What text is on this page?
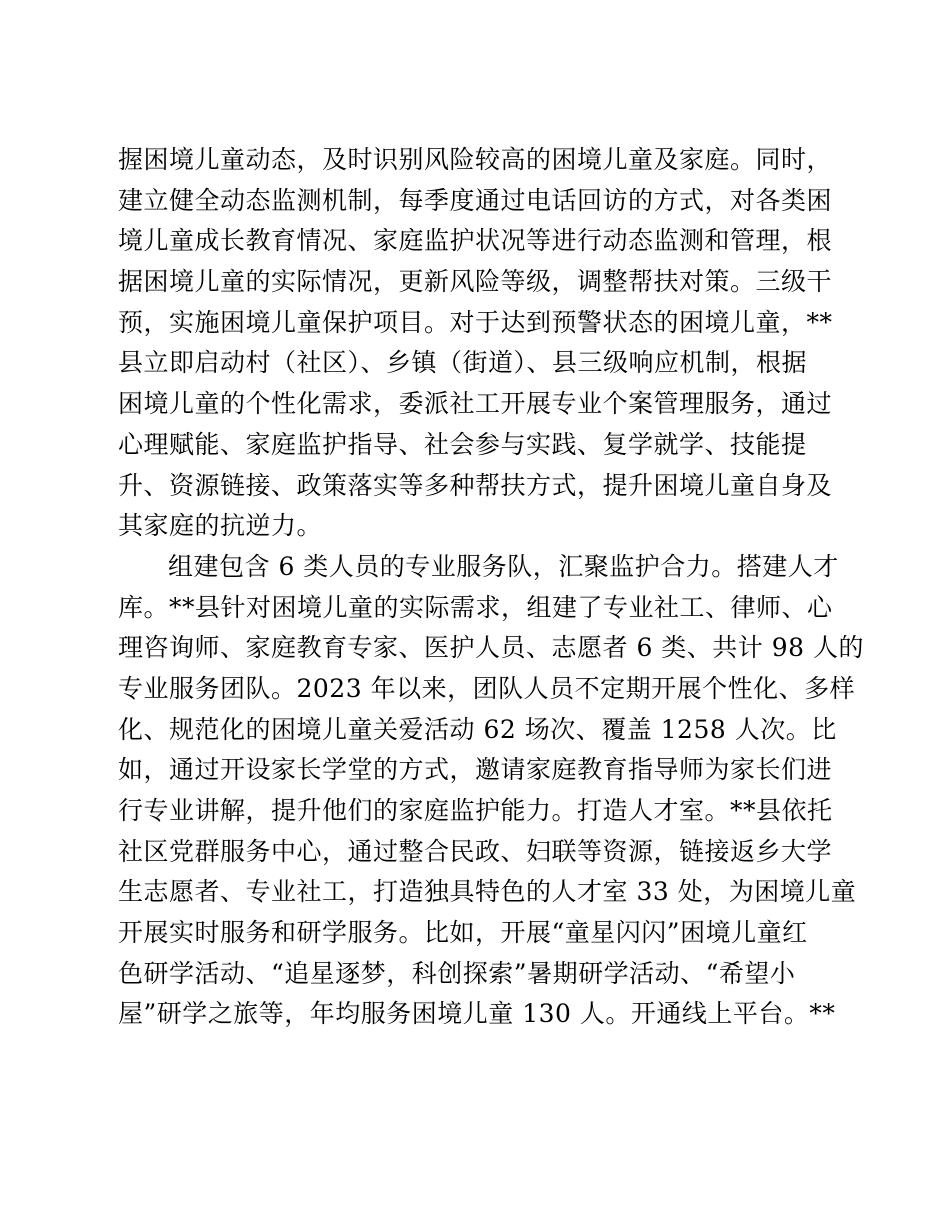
握困境儿童动态，及时识别风险较高的困境儿童及家庭。同时，
建立健全动态监测机制，每季度通过电话回访的方式，对各类困
境儿童成长教育情况、家庭监护状况等进行动态监测和管理，根
据困境儿童的实际情况，更新风险等级，调整帮扶对策。三级干
预，实施困境儿童保护项目。对于达到预警状态的困境儿童，**
县立即启动村（社区）、乡镇（街道）、县三级响应机制，根据
困境儿童的个性化需求，委派社工开展专业个案管理服务，通过
心理赋能、家庭监护指导、社会参与实践、复学就学、技能提
升、资源链接、政策落实等多种帮扶方式，提升困境儿童自身及
其家庭的抗逆力。
组建包含 6 类人员的专业服务队，汇聚监护合力。搭建人才
库。**县针对困境儿童的实际需求，组建了专业社工、律师、心
理咨询师、家庭教育专家、医护人员、志愿者 6 类、共计 98 人的
专业服务团队。2023 年以来，团队人员不定期开展个性化、多样
化、规范化的困境儿童关爱活动 62 场次、覆盖 1258 人次。比
如，通过开设家长学堂的方式，邀请家庭教育指导师为家长们进
行专业讲解，提升他们的家庭监护能力。打造人才室。**县依托
社区党群服务中心，通过整合民政、妇联等资源，链接返乡大学
生志愿者、专业社工，打造独具特色的人才室 33 处，为困境儿童
开展实时服务和研学服务。比如，开展“童星闪闪”困境儿童红
色研学活动、“追星逐梦，科创探索”暑期研学活动、“希望小
屋”研学之旅等，年均服务困境儿童 130 人。开通线上平台。**
